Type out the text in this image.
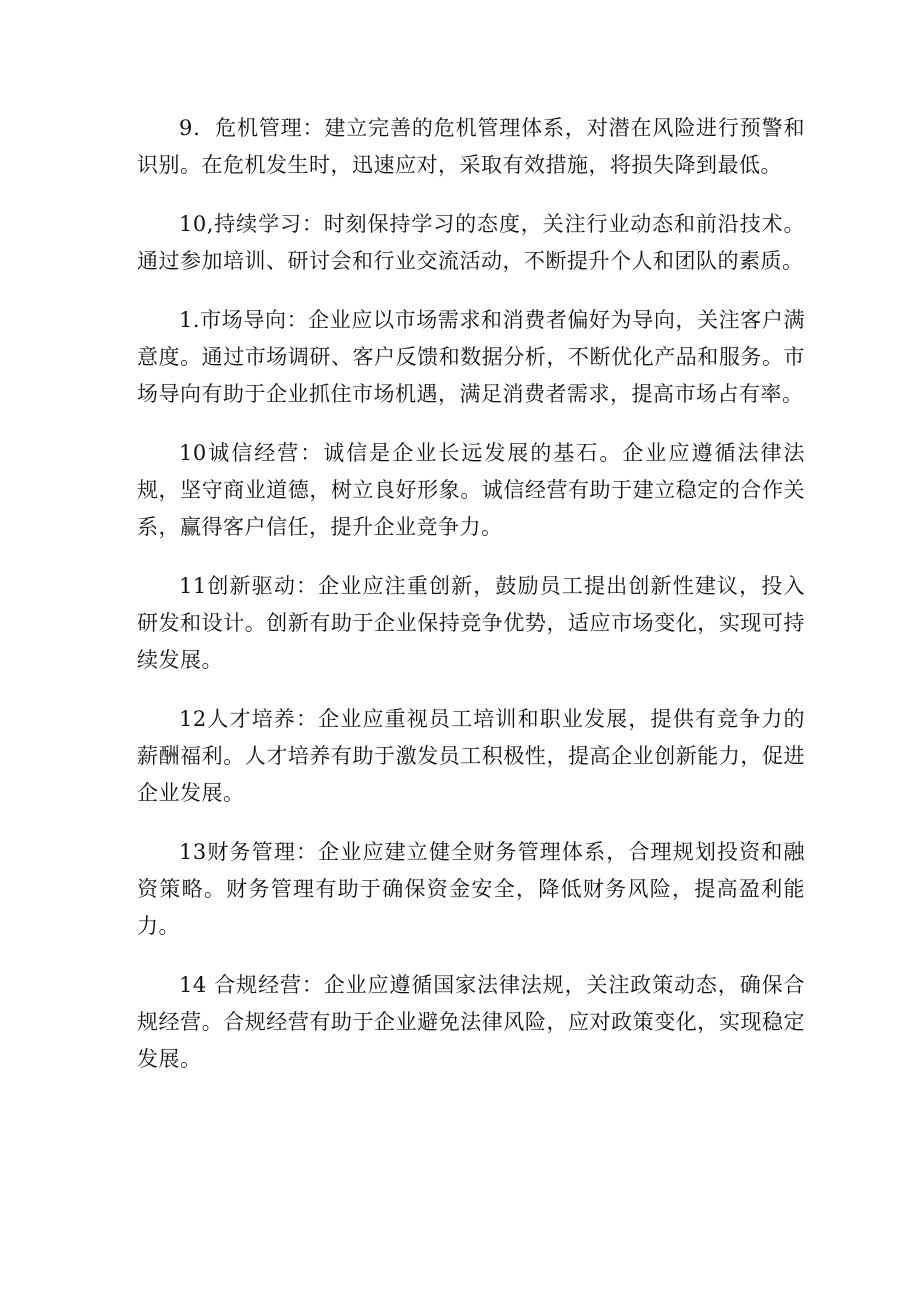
9．危机管理：建立完善的危机管理体系，对潜在风险进行预警和识别。在危机发生时，迅速应对，采取有效措施，将损失降到最低。

10,持续学习：时刻保持学习的态度，关注行业动态和前沿技术。通过参加培训、研讨会和行业交流活动，不断提升个人和团队的素质。

1.市场导向：企业应以市场需求和消费者偏好为导向，关注客户满意度。通过市场调研、客户反馈和数据分析，不断优化产品和服务。市场导向有助于企业抓住市场机遇，满足消费者需求，提高市场占有率。

10诚信经营：诚信是企业长远发展的基石。企业应遵循法律法规，坚守商业道德，树立良好形象。诚信经营有助于建立稳定的合作关系，赢得客户信任，提升企业竞争力。

11创新驱动：企业应注重创新，鼓励员工提出创新性建议，投入研发和设计。创新有助于企业保持竞争优势，适应市场变化，实现可持续发展。

12人才培养：企业应重视员工培训和职业发展，提供有竞争力的薪酬福利。人才培养有助于激发员工积极性，提高企业创新能力，促进企业发展。

13财务管理：企业应建立健全财务管理体系，合理规划投资和融资策略。财务管理有助于确保资金安全，降低财务风险，提高盈利能力。

14 合规经营：企业应遵循国家法律法规，关注政策动态，确保合规经营。合规经营有助于企业避免法律风险，应对政策变化，实现稳定发展。
